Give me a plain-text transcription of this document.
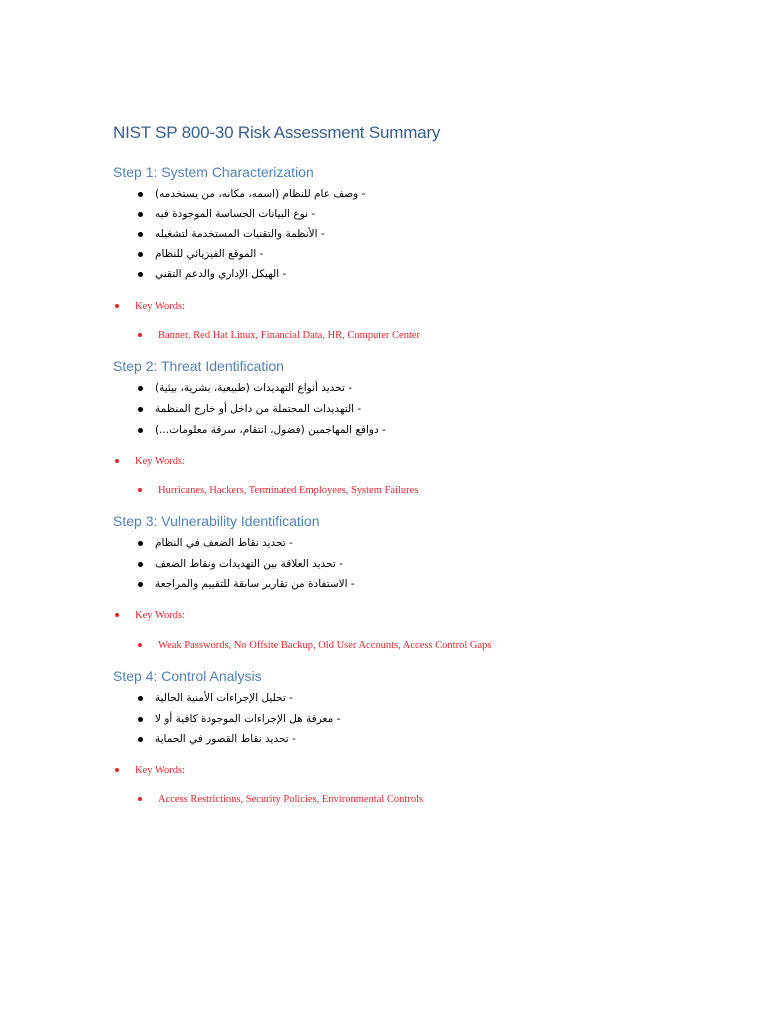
NIST SP 800-30 Risk Assessment Summary
Step 1: System Characterization
- وصف عام للنظام (اسمه، مكانه، من يستخدمه)
- نوع البيانات الحساسة الموجودة فيه
- الأنظمة والتقنيات المستخدمة لتشغيله
- الموقع الفيزيائي للنظام
- الهيكل الإداري والدعم التقني
Key Words:
Banner, Red Hat Linux, Financial Data, HR, Computer Center
Step 2: Threat Identification
- تحديد أنواع التهديدات (طبيعية، بشرية، بيئية)
- التهديدات المحتملة من داخل أو خارج المنظمة
- دوافع المهاجمين (فضول، انتقام، سرقة معلومات...)
Key Words:
Hurricanes, Hackers, Terminated Employees, System Failures
Step 3: Vulnerability Identification
- تحديد نقاط الضعف في النظام
- تحديد العلاقة بين التهديدات ونقاط الضعف
- الاستفادة من تقارير سابقة للتقييم والمراجعة
Key Words:
Weak Passwords, No Offsite Backup, Old User Accounts, Access Control Gaps
Step 4: Control Analysis
- تحليل الإجراءات الأمنية الحالية
- معرفة هل الإجراءات الموجودة كافية أو لا
- تحديد نقاط القصور في الحماية
Key Words:
Access Restrictions, Security Policies, Environmental Controls
